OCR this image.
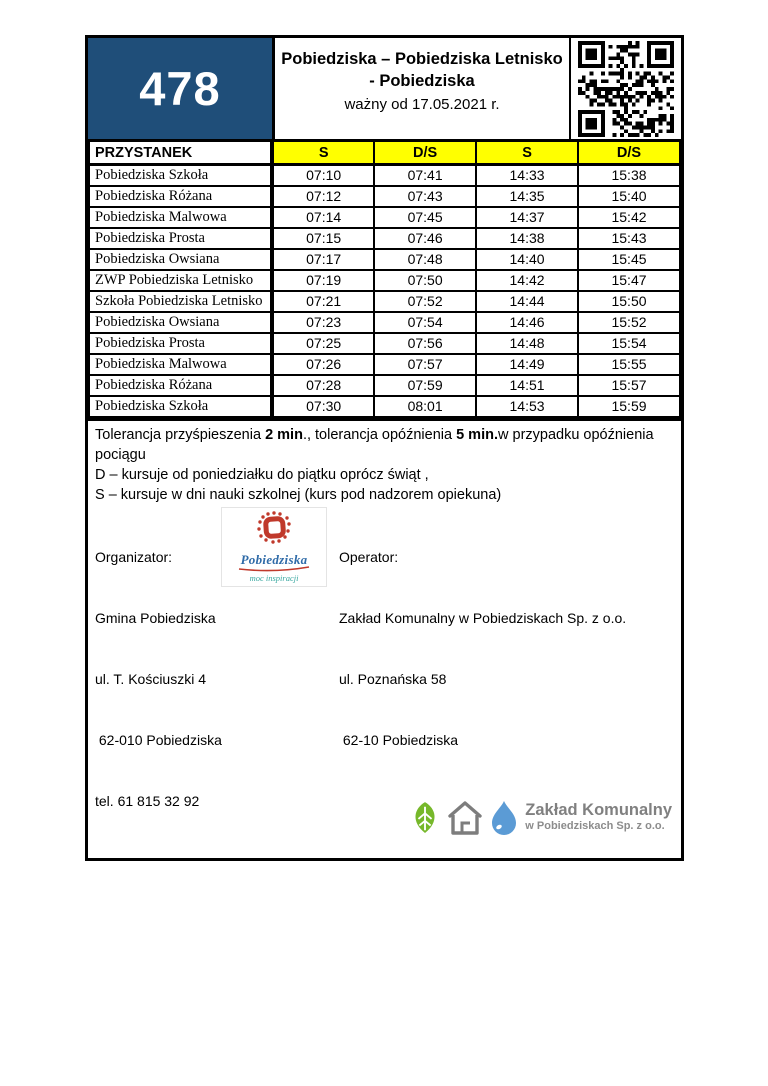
478
Pobiedziska – Pobiedziska Letnisko
- Pobiedziska
ważny od 17.05.2021 r.
PRZYSTANEK	S	D/S	S	D/S
Pobiedziska Szkoła	07:10	07:41	14:33	15:38
Pobiedziska Różana	07:12	07:43	14:35	15:40
Pobiedziska Malwowa	07:14	07:45	14:37	15:42
Pobiedziska Prosta	07:15	07:46	14:38	15:43
Pobiedziska Owsiana	07:17	07:48	14:40	15:45
ZWP Pobiedziska Letnisko	07:19	07:50	14:42	15:47
Szkoła Pobiedziska Letnisko	07:21	07:52	14:44	15:50
Pobiedziska Owsiana	07:23	07:54	14:46	15:52
Pobiedziska Prosta	07:25	07:56	14:48	15:54
Pobiedziska Malwowa	07:26	07:57	14:49	15:55
Pobiedziska Różana	07:28	07:59	14:51	15:57
Pobiedziska Szkoła	07:30	08:01	14:53	15:59
Tolerancja przyśpieszenia 2 min., tolerancja opóźnienia 5 min.w przypadku opóźnienia pociągu
D – kursuje od poniedziałku do piątku oprócz świąt ,
S – kursuje w dni nauki szkolnej (kurs pod nadzorem opiekuna)

Organizator:

Gmina Pobiedziska

ul. T. Kościuszki 4

62-010 Pobiedziska

tel. 61 815 32 92

Pobiedziska
moc inspiracji

Operator:

Zakład Komunalny w Pobiedziskach Sp. z o.o.

ul. Poznańska 58

62-10 Pobiedziska

Zakład Komunalny
w Pobiedziskach Sp. z o.o.
